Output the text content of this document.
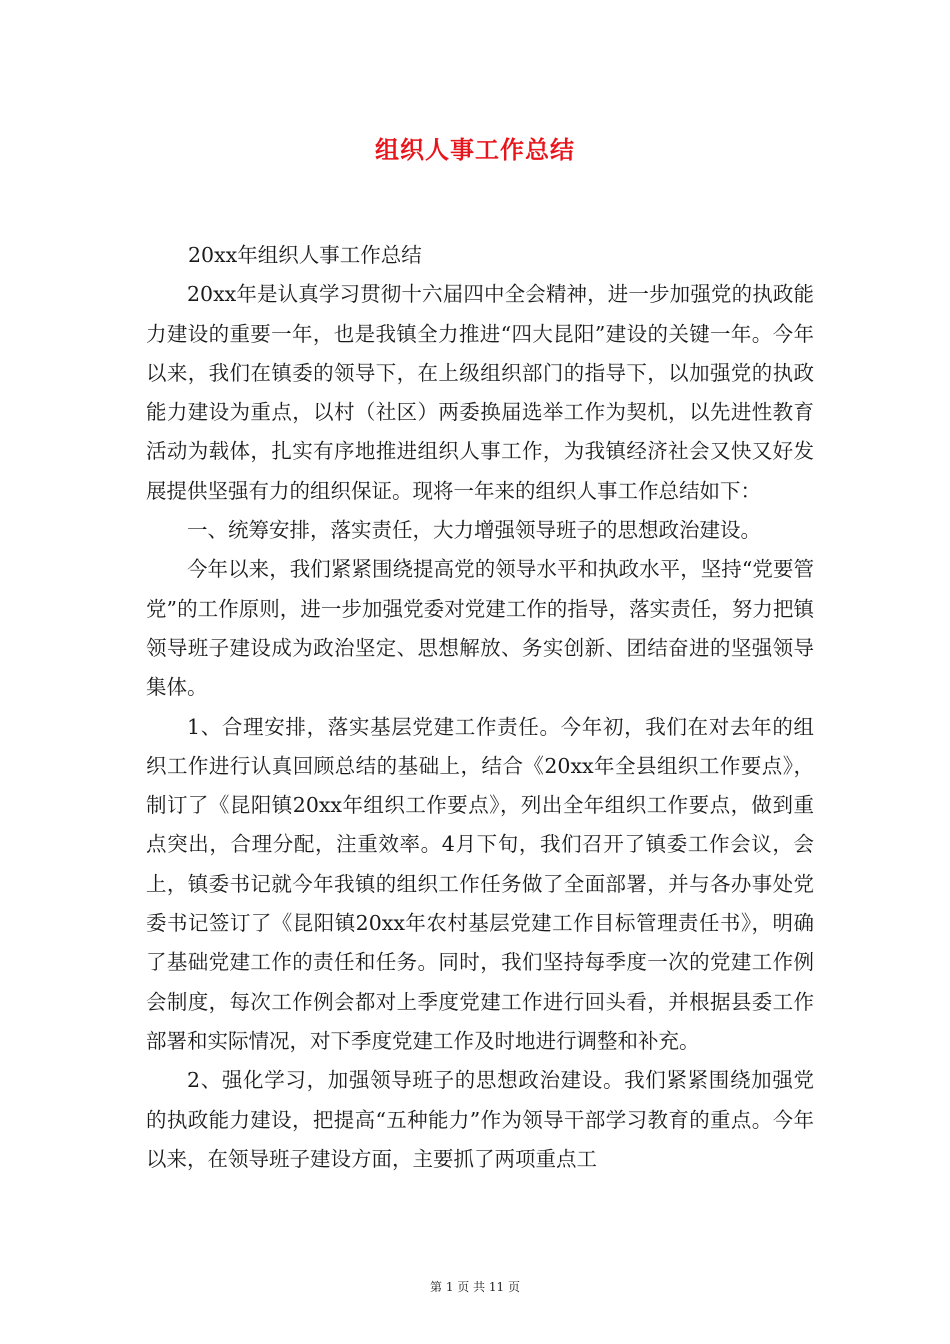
组织人事工作总结

20xx年组织人事工作总结

20xx年是认真学习贯彻十六届四中全会精神，进一步加强党的执政能力建设的重要一年，也是我镇全力推进“四大昆阳”建设的关键一年。今年以来，我们在镇委的领导下，在上级组织部门的指导下，以加强党的执政能力建设为重点，以村（社区）两委换届选举工作为契机，以先进性教育活动为载体，扎实有序地推进组织人事工作，为我镇经济社会又快又好发展提供坚强有力的组织保证。现将一年来的组织人事工作总结如下：

一、统筹安排，落实责任，大力增强领导班子的思想政治建设。

今年以来，我们紧紧围绕提高党的领导水平和执政水平，坚持“党要管党”的工作原则，进一步加强党委对党建工作的指导，落实责任，努力把镇领导班子建设成为政治坚定、思想解放、务实创新、团结奋进的坚强领导集体。

1、合理安排，落实基层党建工作责任。今年初，我们在对去年的组织工作进行认真回顾总结的基础上，结合《20xx年全县组织工作要点》，制订了《昆阳镇20xx年组织工作要点》，列出全年组织工作要点，做到重点突出，合理分配，注重效率。4月下旬，我们召开了镇委工作会议，会上，镇委书记就今年我镇的组织工作任务做了全面部署，并与各办事处党委书记签订了《昆阳镇20xx年农村基层党建工作目标管理责任书》，明确了基础党建工作的责任和任务。同时，我们坚持每季度一次的党建工作例会制度，每次工作例会都对上季度党建工作进行回头看，并根据县委工作部署和实际情况，对下季度党建工作及时地进行调整和补充。

2、强化学习，加强领导班子的思想政治建设。我们紧紧围绕加强党的执政能力建设，把提高“五种能力”作为领导干部学习教育的重点。今年以来，在领导班子建设方面，主要抓了两项重点工

第 1 页 共 11 页
